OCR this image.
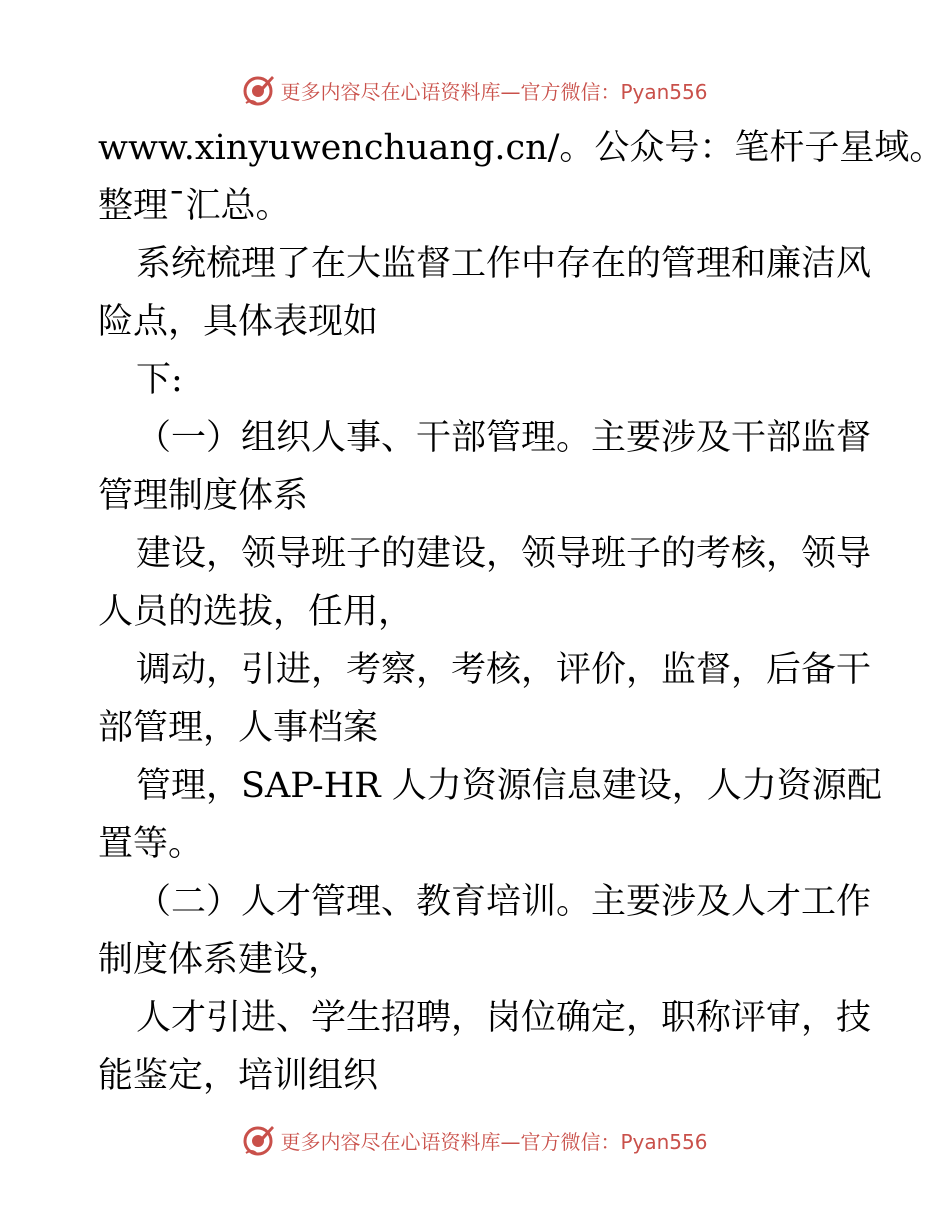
更多内容尽在心语资料库—官方微信：Pyan556
www.xinyuwenchuang.cn/。公众号：笔杆子星域。
整理¯汇总。
系统梳理了在大监督工作中存在的管理和廉洁风
险点，具体表现如
下:
（一）组织人事、干部管理。主要涉及干部监督
管理制度体系
建设，领导班子的建设，领导班子的考核，领导
人员的选拔，任用，
调动，引进，考察，考核，评价，监督，后备干
部管理，人事档案
管理，SAP-HR 人力资源信息建设，人力资源配
置等。
（二）人才管理、教育培训。主要涉及人才工作
制度体系建设，
人才引进、学生招聘，岗位确定，职称评审，技
能鉴定，培训组织
更多内容尽在心语资料库—官方微信：Pyan556
